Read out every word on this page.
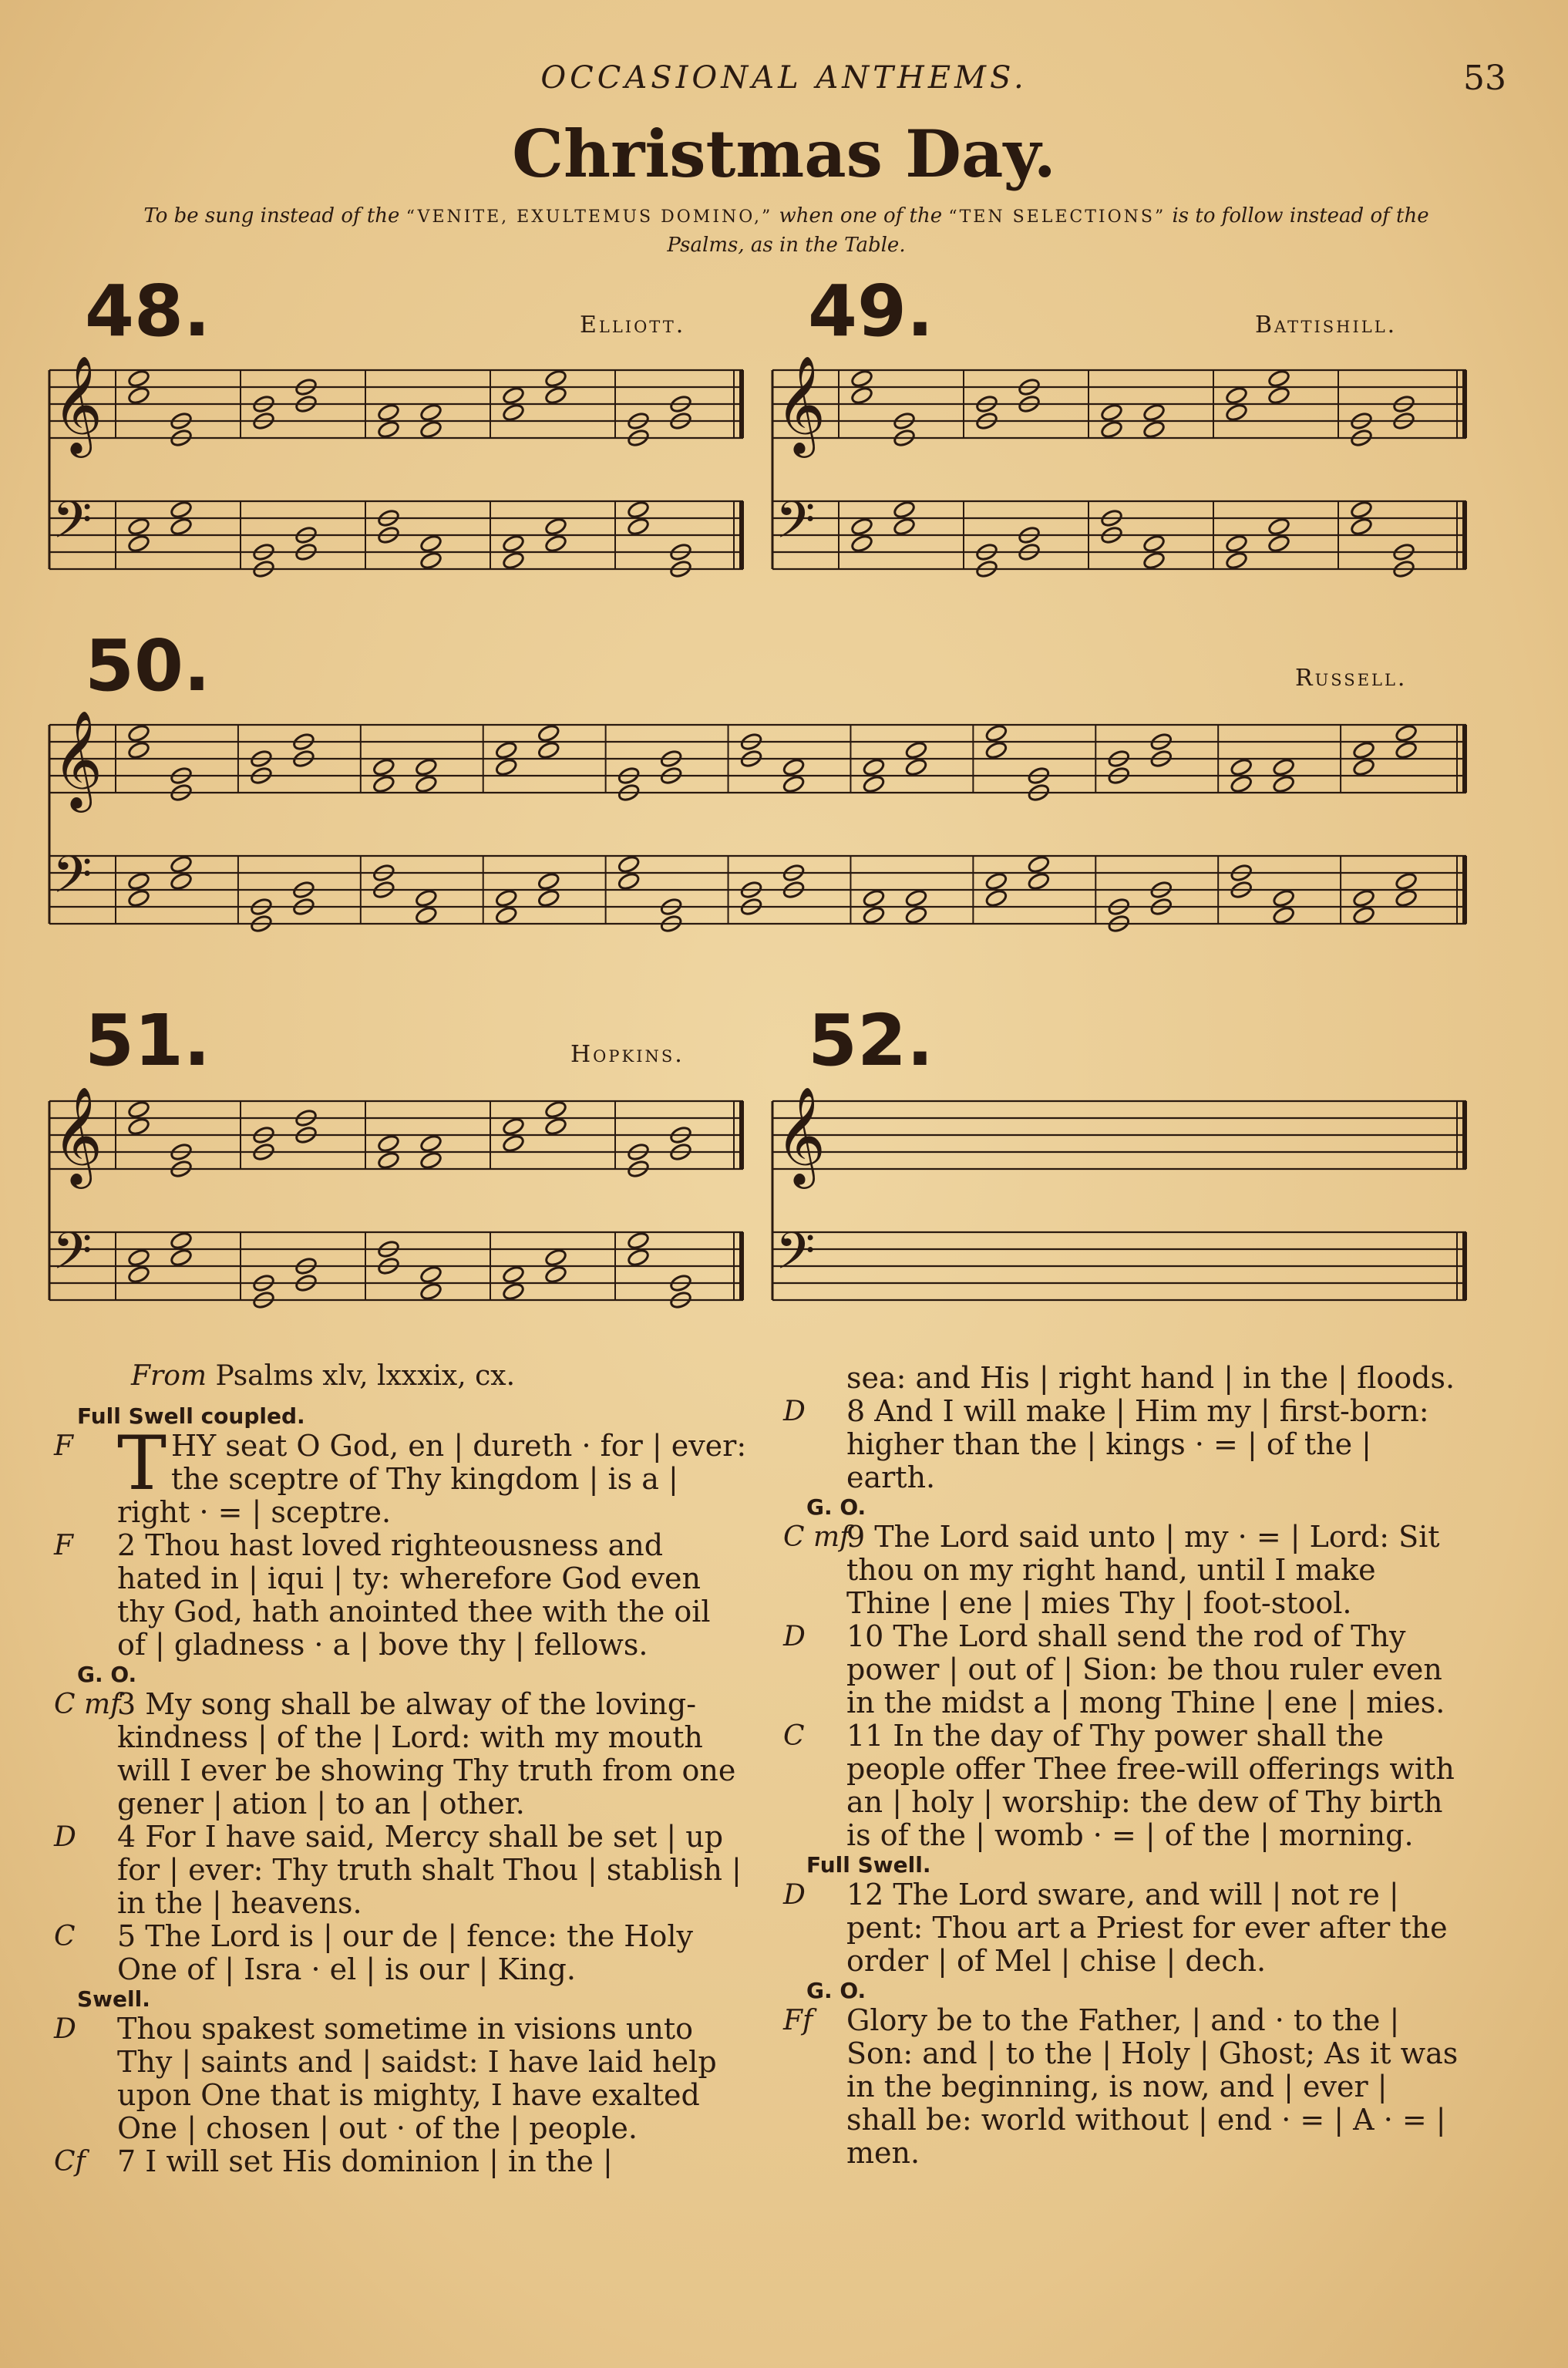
OCCASIONAL ANTHEMS.	53
Christmas Day.
To be sung instead of the “VENITE, EXULTEMUS DOMINO,” when one of the “TEN SELECTIONS” is to follow instead of the Psalms, as in the Table.
48.	Elliott. 49.	Battishill.
50.	Russell.
51.	Hopkins. 52.
𝄞
𝄢
𝄞
𝄢
𝄞
𝄢
𝄞
𝄢
𝄞
𝄢
From Psalms xlv, lxxxix, cx.
Full Swell coupled.

F T HY seat O God, en | dureth · for | ever: the sceptre of Thy kingdom | is a | right · = | sceptre.

F 2 Thou hast loved righteousness and hated in | iqui | ty: wherefore God even thy God, hath anointed thee with the oil of | gladness · a | bove thy | fellows.

G. O.

C mf
3 My song shall be alway of the loving-kindness | of the | Lord: with my mouth will I ever be showing Thy truth from one gener | ation | to an | other.

D 4 For I have said, Mercy shall be set | up for | ever: Thy truth shalt Thou | stablish | in the | heavens.

C 5 The Lord is | our de | fence: the Holy One of | Isra · el | is our | King.

Swell.

D Thou spakest sometime in visions unto Thy | saints and | saidst: I have laid help upon One that is mighty, I have exalted One | chosen | out · of the | people.

Cf 7 I will set His dominion | in the |

sea: and His | right hand | in the | floods.

D 8 And I will make | Him my | first-born: higher than the | kings · = | of the | earth.

G. O.

C mf
9 The Lord said unto | my · = | Lord: Sit thou on my right hand, until I make Thine | ene | mies Thy | foot-stool.

D 10 The Lord shall send the rod of Thy power | out of | Sion: be thou ruler even in the midst a | mong Thine | ene | mies.

C 11 In the day of Thy power shall the people offer Thee free-will offerings with an | holy | worship: the dew of Thy birth is of the | womb · = | of the | morning.

Full Swell.

D 12 The Lord sware, and will | not re | pent: Thou art a Priest for ever after the order | of Mel | chise | dech.

G. O.

Ff Glory be to the Father, | and · to the | Son: and | to the | Holy | Ghost; As it was in the beginning, is now, and | ever | shall be: world without | end · = | A · = | men.
